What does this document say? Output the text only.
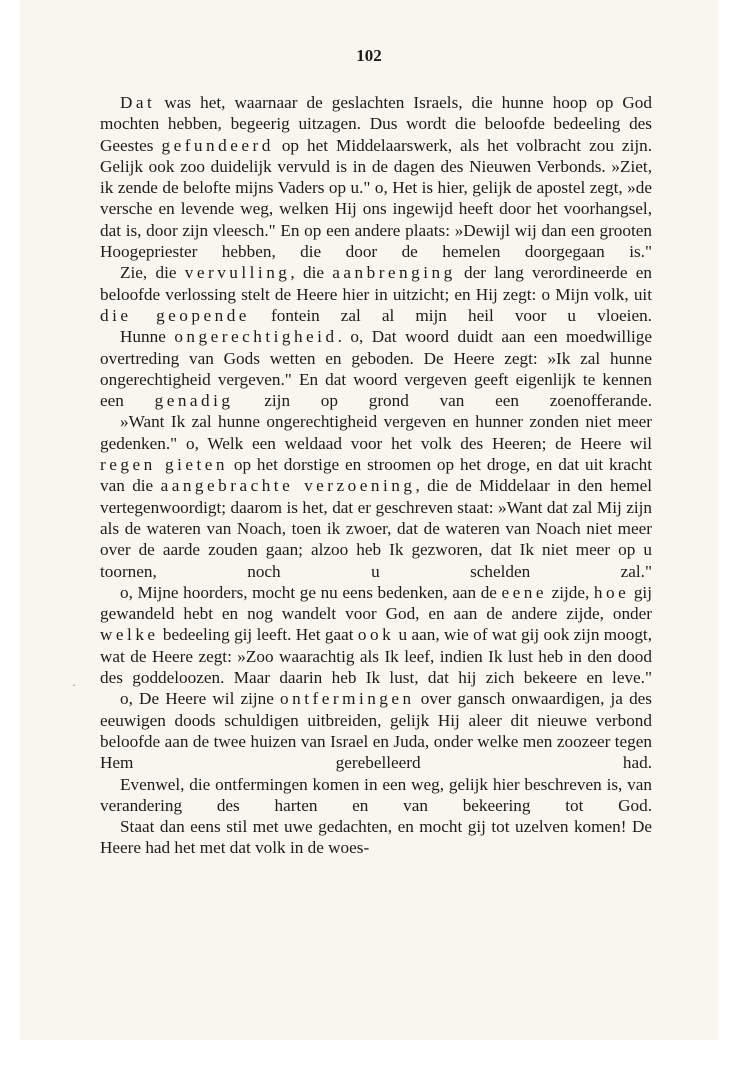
102

Dat was het, waarnaar de geslachten Israels, die hunne hoop op God mochten hebben, begeerig uitzagen. Dus wordt die beloofde bedeeling des Geestes gefundeerd op het Middelaarswerk, als het volbracht zou zijn. Gelijk ook zoo duidelijk vervuld is in de dagen des Nieuwen Verbonds. »Ziet, ik zende de belofte mijns Vaders op u." o, Het is hier, gelijk de apostel zegt, »de versche en levende weg, welken Hij ons ingewijd heeft door het voorhangsel, dat is, door zijn vleesch." En op een andere plaats: »Dewijl wij dan een grooten Hoogepriester hebben, die door de hemelen doorgegaan is."

Zie, die vervulling, die aanbrenging der lang verordineerde en beloofde verlossing stelt de Heere hier in uitzicht; en Hij zegt: o Mijn volk, uit die geopende fontein zal al mijn heil voor u vloeien.

Hunne ongerechtigheid. o, Dat woord duidt aan een moedwillige overtreding van Gods wetten en geboden. De Heere zegt: »Ik zal hunne ongerechtigheid vergeven." En dat woord vergeven geeft eigenlijk te kennen een genadig zijn op grond van een zoenofferande.

»Want Ik zal hunne ongerechtigheid vergeven en hunner zonden niet meer gedenken." o, Welk een weldaad voor het volk des Heeren; de Heere wil regen gieten op het dorstige en stroomen op het droge, en dat uit kracht van die aangebrachte verzoening, die de Middelaar in den hemel vertegenwoordigt; daarom is het, dat er geschreven staat: »Want dat zal Mij zijn als de wateren van Noach, toen ik zwoer, dat de wateren van Noach niet meer over de aarde zouden gaan; alzoo heb Ik gezworen, dat Ik niet meer op u toornen, noch u schelden zal."

o, Mijne hoorders, mocht ge nu eens bedenken, aan de eene zijde, hoe gij gewandeld hebt en nog wandelt voor God, en aan de andere zijde, onder welke bedeeling gij leeft. Het gaat ook u aan, wie of wat gij ook zijn moogt, wat de Heere zegt: »Zoo waarachtig als Ik leef, indien Ik lust heb in den dood des goddeloozen. Maar daarin heb Ik lust, dat hij zich bekeere en leve."

o, De Heere wil zijne ontfermingen over gansch onwaardigen, ja des eeuwigen doods schuldigen uitbreiden, gelijk Hij aleer dit nieuwe verbond beloofde aan de twee huizen van Israel en Juda, onder welke men zoozeer tegen Hem gerebelleerd had.

Evenwel, die ontfermingen komen in een weg, gelijk hier beschreven is, van verandering des harten en van bekeering tot God.

Staat dan eens stil met uwe gedachten, en mocht gij tot uzelven komen! De Heere had het met dat volk in de woes-

·
